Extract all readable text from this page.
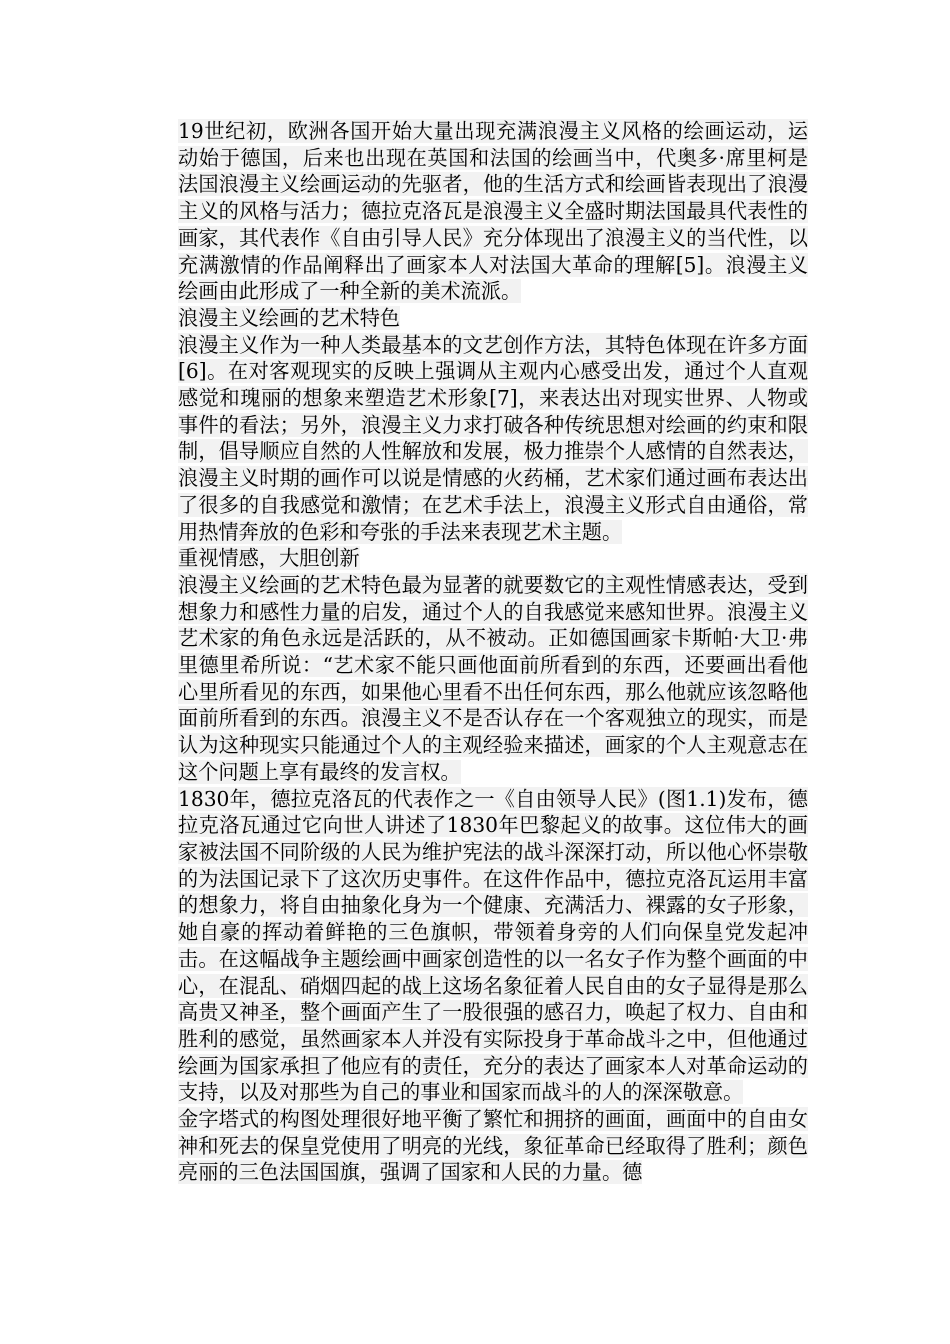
19世纪初，欧洲各国开始大量出现充满浪漫主义风格的绘画运动，运动始于德国，后来也出现在英国和法国的绘画当中，代奥多·席里柯是法国浪漫主义绘画运动的先驱者，他的生活方式和绘画皆表现出了浪漫主义的风格与活力；德拉克洛瓦是浪漫主义全盛时期法国最具代表性的画家，其代表作《自由引导人民》充分体现出了浪漫主义的当代性，以充满激情的作品阐释出了画家本人对法国大革命的理解[5]。浪漫主义绘画由此形成了一种全新的美术流派。

浪漫主义绘画的艺术特色

浪漫主义作为一种人类最基本的文艺创作方法，其特色体现在许多方面[6]。在对客观现实的反映上强调从主观内心感受出发，通过个人直观感觉和瑰丽的想象来塑造艺术形象[7]，来表达出对现实世界、人物或事件的看法；另外，浪漫主义力求打破各种传统思想对绘画的约束和限制，倡导顺应自然的人性解放和发展，极力推崇个人感情的自然表达，浪漫主义时期的画作可以说是情感的火药桶，艺术家们通过画布表达出了很多的自我感觉和激情；在艺术手法上，浪漫主义形式自由通俗，常用热情奔放的色彩和夸张的手法来表现艺术主题。

重视情感，大胆创新

浪漫主义绘画的艺术特色最为显著的就要数它的主观性情感表达，受到想象力和感性力量的启发，通过个人的自我感觉来感知世界。浪漫主义艺术家的角色永远是活跃的，从不被动。正如德国画家卡斯帕·大卫·弗里德里希所说：“艺术家不能只画他面前所看到的东西，还要画出看他心里所看见的东西，如果他心里看不出任何东西，那么他就应该忽略他面前所看到的东西。浪漫主义不是否认存在一个客观独立的现实，而是认为这种现实只能通过个人的主观经验来描述，画家的个人主观意志在这个问题上享有最终的发言权。

1830年，德拉克洛瓦的代表作之一《自由领导人民》(图1.1)发布，德拉克洛瓦通过它向世人讲述了1830年巴黎起义的故事。这位伟大的画家被法国不同阶级的人民为维护宪法的战斗深深打动，所以他心怀崇敬的为法国记录下了这次历史事件。在这件作品中，德拉克洛瓦运用丰富的想象力，将自由抽象化身为一个健康、充满活力、裸露的女子形象，她自豪的挥动着鲜艳的三色旗帜，带领着身旁的人们向保皇党发起冲击。在这幅战争主题绘画中画家创造性的以一名女子作为整个画面的中心，在混乱、硝烟四起的战上这场名象征着人民自由的女子显得是那么高贵又神圣，整个画面产生了一股很强的感召力，唤起了权力、自由和胜利的感觉，虽然画家本人并没有实际投身于革命战斗之中，但他通过绘画为国家承担了他应有的责任，充分的表达了画家本人对革命运动的支持，以及对那些为自己的事业和国家而战斗的人的深深敬意。

金字塔式的构图处理很好地平衡了繁忙和拥挤的画面，画面中的自由女神和死去的保皇党使用了明亮的光线，象征革命已经取得了胜利；颜色亮丽的三色法国国旗，强调了国家和人民的力量。德
